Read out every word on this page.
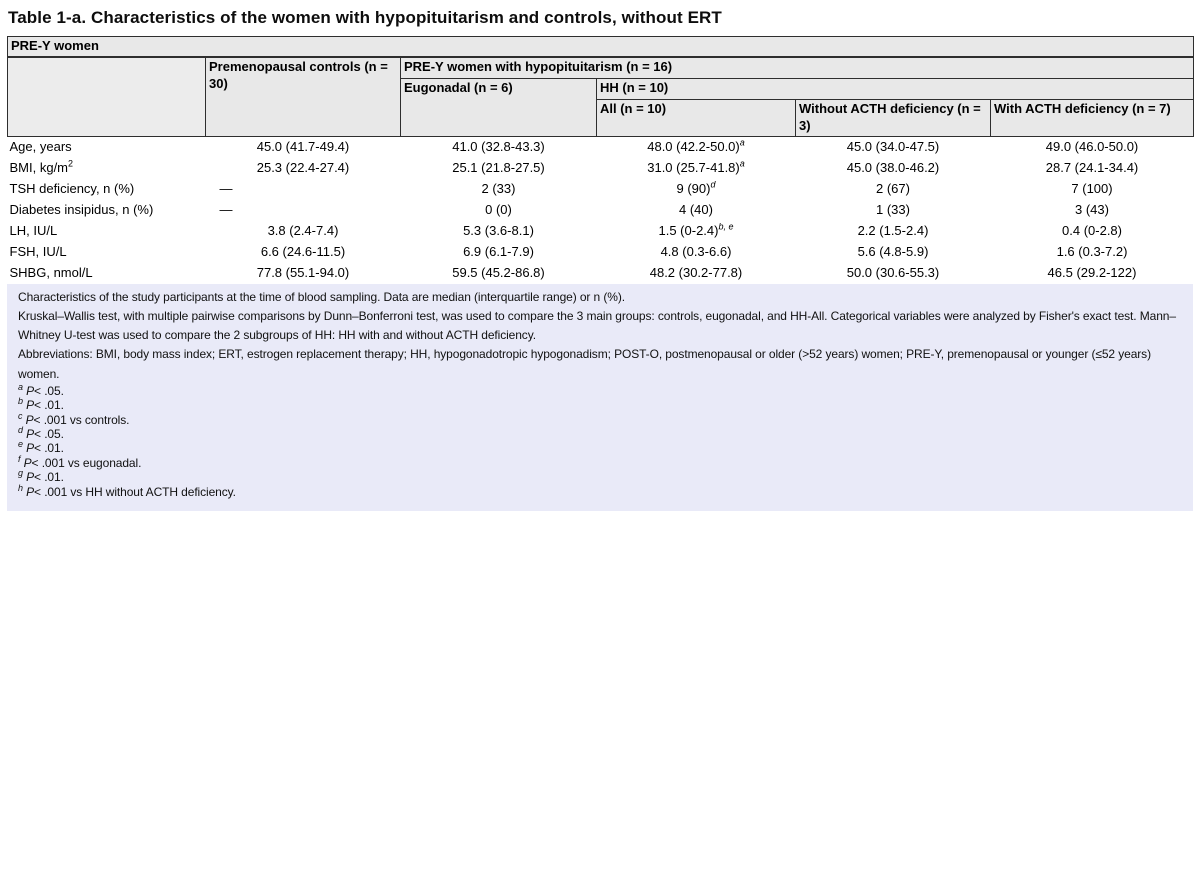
Table 1-a. Characteristics of the women with hypopituitarism and controls, without ERT
PRE-Y women					
	Premenopausal controls (n = 30)	PRE-Y women with hypopituitarism (n = 16)			
		Eugonadal (n = 6)	HH (n = 10)		
			All (n = 10)	Without ACTH deficiency (n = 3)	With ACTH deficiency (n = 7)
Age, years	45.0 (41.7-49.4)	41.0 (32.8-43.3)	48.0 $(42.2-50.0)^a$	45.0 (34.0-47.5)	49.0 (46.0-50.0)
BMI, $kg/m^2$	25.3 (22.4-27.4)	25.1 (21.8-27.5)	31.0 $(25.7-41.8)^a$	45.0 (38.0-46.2)	28.7 (24.1-34.4)
TSH deficiency, n (%)	—	2 (33)	9 $(90)^d$	2 (67)	7 (100)
Diabetes insipidus, n (%)	—	0 (0)	4 (40)	1 (33)	3 (43)
LH, IU/L	3.8 (2.4-7.4)	5.3 (3.6-8.1)	1.5 $(0-2.4)^{b, e}$	2.2 (1.5-2.4)	0.4 (0-2.8)
FSH, IU/L	6.6 (24.6-11.5)	6.9 (6.1-7.9)	4.8 (0.3-6.6)	5.6 (4.8-5.9)	1.6 (0.3-7.2)
SHBG, nmol/L	77.8 (55.1-94.0)	59.5 (45.2-86.8)	48.2 (30.2-77.8)	50.0 (30.6-55.3)	46.5 (29.2-122)

Characteristics of the study participants at the time of blood sampling. Data are median (interquartile range) or n (%).

Kruskal–Wallis test, with multiple pairwise comparisons by Dunn–Bonferroni test, was used to compare the 3 main groups: controls, eugonadal, and HH-All. Categorical variables were analyzed by Fisher's exact test. Mann–Whitney U-test was used to compare the 2 subgroups of HH: HH with and without ACTH deficiency.

Abbreviations: BMI, body mass index; ERT, estrogen replacement therapy; HH, hypogonadotropic hypogonadism; POST-O, postmenopausal or older (>52 years) women; PRE-Y, premenopausal or younger (≤52 years) women.

$^a$ P< .05.

$^b$ P< .01.

$^c$ P< .001 vs controls.

$^d$ P< .05.

$^e$ P< .01.

$^f$ P< .001 vs eugonadal.

$^g$ P< .01.

$^h$ P< .001 vs HH without ACTH deficiency.
